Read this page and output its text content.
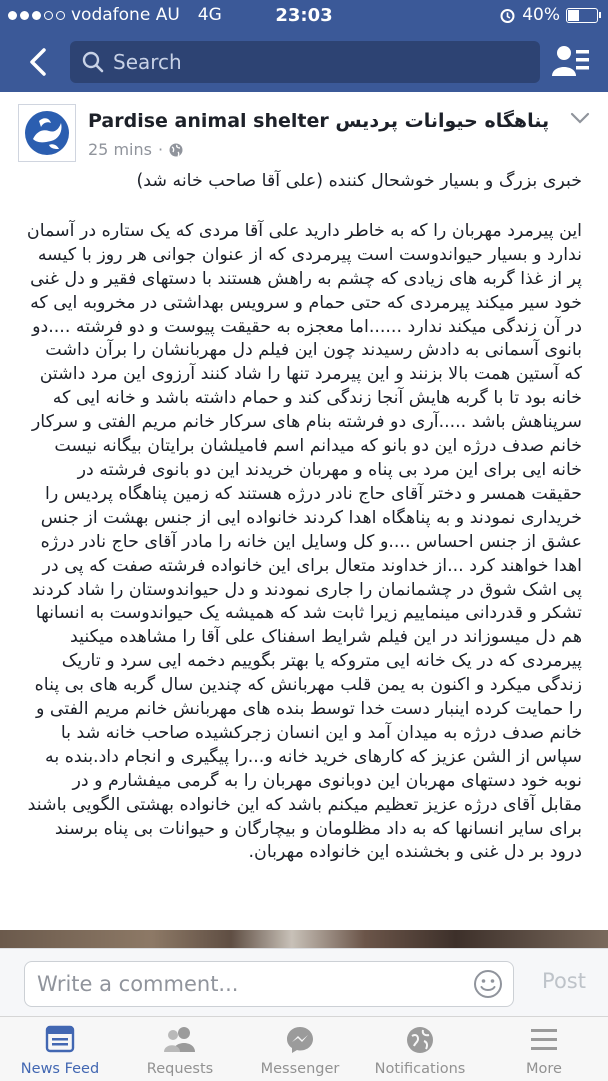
vodafone AU 4G	23:03	40%
Search
Pardise animal shelter پناهگاه حیوانات پردیس
25 mins ·

خبری بزرگ و بسیار خوشحال کننده (علی آقا صاحب خانه شد)

این پیرمرد مهربان را که به خاطر دارید علی آقا مردی که یک ستاره در آسمان ندارد و بسیار حیواندوست است پیرمردی که از عنوان جوانی هر روز با کیسه پر از غذا گربه های زیادی که چشم به راهش هستند با دستهای فقیر و دل غنی خود سیر میکند پیرمردی که حتی حمام و سرویس بهداشتی در مخروبه ایی که در آن زندگی میکند ندارد ......اما معجزه به حقیقت پیوست و دو فرشته ....دو بانوی آسمانی به دادش رسیدند چون این فیلم دل مهربانشان را برآن داشت که آستین همت بالا بزنند و این پیرمرد تنها را شاد کنند آرزوی این مرد داشتن خانه بود تا با گربه هایش آنجا زندگی کند و حمام داشته باشد و خانه ایی که سرپناهش باشد .....آری دو فرشته بنام های سرکار خانم مریم الفتی و سرکار خانم صدف درژه این دو بانو که میدانم اسم فامیلشان برایتان بیگانه نیست خانه ایی برای این مرد بی پناه و مهربان خریدند این دو بانوی فرشته در حقیقت همسر و دختر آقای حاج نادر درژه هستند که زمین پناهگاه پردیس را خریداری نمودند و به پناهگاه اهدا کردند خانواده ایی از جنس بهشت از جنس عشق از جنس احساس ....و کل وسایل این خانه را مادر آقای حاج نادر درژه اهدا خواهند کرد ...از خداوند متعال برای این خانواده فرشته صفت که پی در پی اشک شوق در چشمانمان را جاری نمودند و دل حیواندوستان را شاد کردند تشکر و قدردانی مینماییم زیرا ثابت شد که همیشه یک حیواندوست به انسانها هم دل میسوزاند در این فیلم شرایط اسفناک علی آقا را مشاهده میکنید پیرمردی که در یک خانه ایی متروکه یا بهتر بگوییم دخمه ایی سرد و تاریک زندگی میکرد و اکنون به یمن قلب مهربانش که چندین سال گربه های بی پناه را حمایت کرده اینبار دست خدا توسط بنده های مهربانش خانم مریم الفتی و خانم صدف درژه به میدان آمد و این انسان زجرکشیده صاحب خانه شد با سپاس از الشن عزیز که کارهای خرید خانه و...را پیگیری و انجام داد.بنده به نوبه خود دستهای مهربان این دوبانوی مهربان را به گرمی میفشارم و در مقابل آقای درژه عزیز تعظیم میکنم باشد که این خانواده بهشتی الگویی باشند برای سایر انسانها که به داد مظلومان و بیچارگان و حیوانات بی پناه برسند درود بر دل غنی و بخشنده این خانواده مهربان.

Write a comment...	Post
News Feed	Requests	Messenger	Notifications	More
